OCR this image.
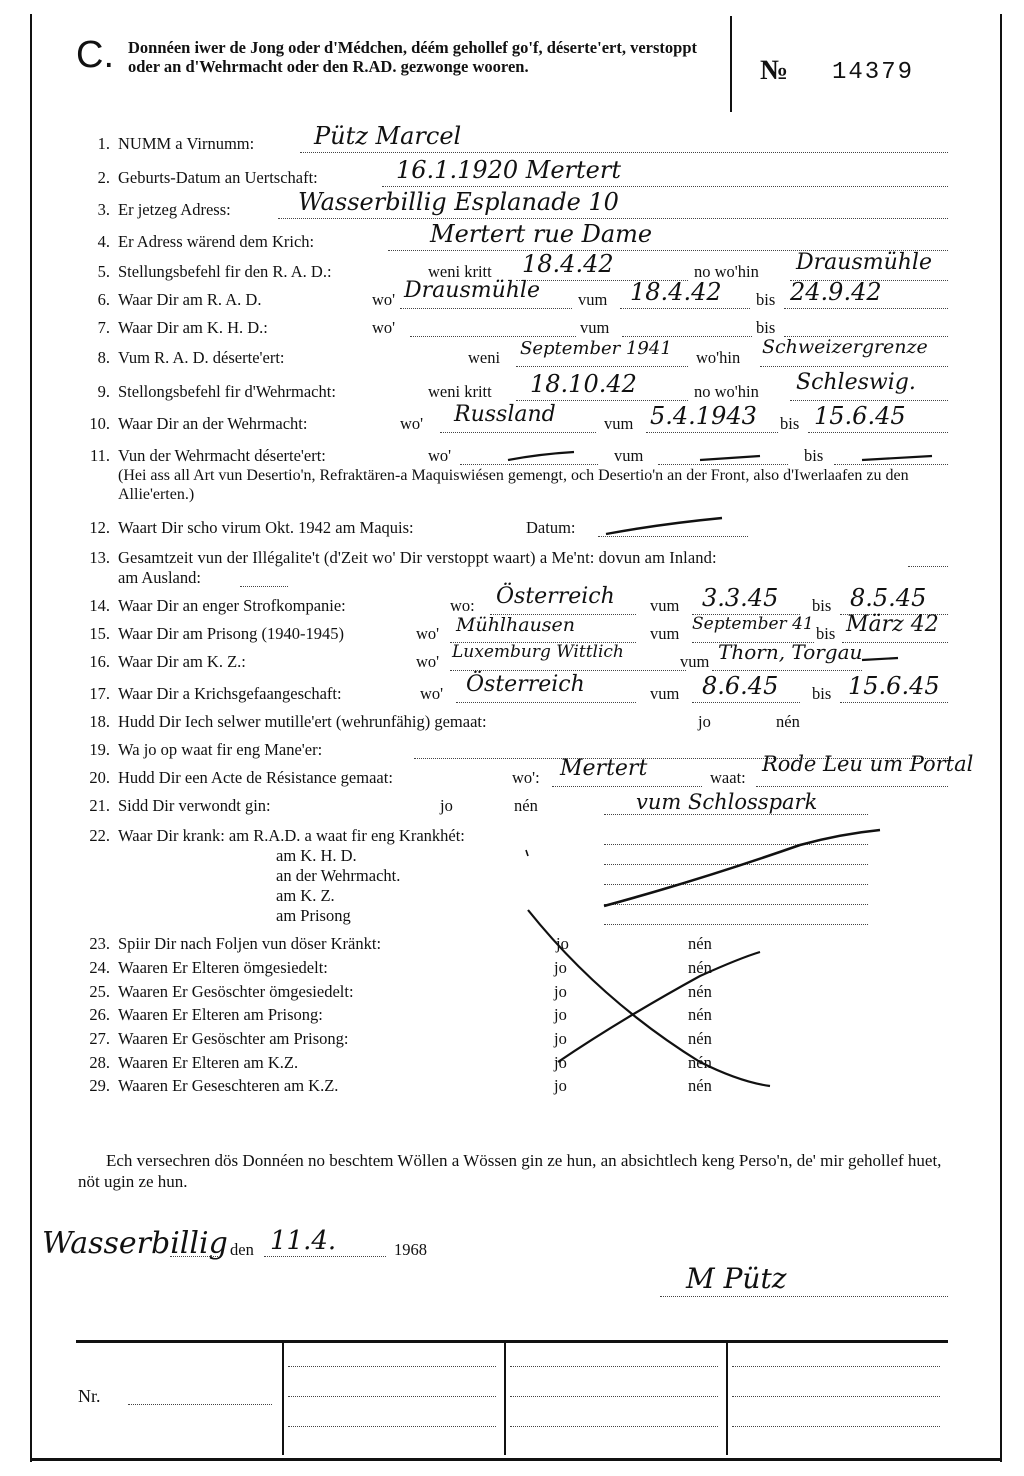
C. Donnéen iwer de Jong oder d'Médchen, déém gehollef go'f, déserte'ert, verstoppt oder an d'Wehrmacht oder den R.AD. gezwonge wooren.	№ 14379
1. NUMM a Virnumm: Pütz Marcel
2. Geburts-Datum an Uertschaft:	16.1.1920 Mertert
3. Er jetzeg Adress:	Wasserbillig Esplanade 10
4. Er Adress wärend dem Krich:	Mertert rue Dame
5. Stellungsbefehl fir den R. A. D.:	weni kritt 18.4.42	no wo'hin Drausmühle
6. Waar Dir am R. A. D.	wo' Drausmühle vum 18.4.42 bis 24.9.42
7. Waar Dir am K. H. D.:	wo'	vum	bis
8. Vum R. A. D. déserte'ert:	weni September 1941 wo'hin Schweizergrenze
9. Stellongsbefehl fir d'Wehrmacht:	weni kritt 18.10.42	no wo'hin Schleswig.
10. Waar Dir an der Wehrmacht:	wo' Russland	vum 5.4.1943 bis 15.6.45
11. Vun der Wehrmacht déserte'ert:	wo'	vum	bis
(Hei ass all Art vun Desertio'n, Refraktären-a Maquiswiésen gemengt, och Desertio'n an der Front, also d'Iwerlaafen zu den Allie'erten.)
12. Waart Dir scho virum Okt. 1942 am Maquis:	Datum:
13. Gesamtzeit vun der Illégalite't (d'Zeit wo' Dir verstoppt waart) a Me'nt: dovun am Inland:
am Ausland:
14. Waar Dir an enger Strofkompanie:	wo: Österreich vum 3.3.45 bis 8.5.45
15. Waar Dir am Prisong (1940-1945)	wo' Mühlhausen	vum September 41 bis März 42
16. Waar Dir am K. Z.:	wo' Luxemburg Wittlich	vum Thorn, Torgau
17. Waar Dir a Krichsgefaangeschaft:	wo' Österreich	vum 8.6.45 bis 15.6.45
18. Hudd Dir Iech selwer mutille'ert (wehrunfähig) gemaat:	jo	nén
19. Wa jo op waat fir eng Mane'er:
20. Hudd Dir een Acte de Résistance gemaat:	wo': Mertert	waat:
Rode Leu um Portal
21. Sidd Dir verwondt gin:	jo	nén	vum Schlosspark
22. Waar Dir krank: am R.A.D. a waat fir eng Krankhét:
am K. H. D.
an der Wehrmacht.
am K. Z.
am Prisong
23. Spiir Dir nach Foljen vun döser Kränkt:	jo	nén
24. Waaren Er Elteren ömgesiedelt:	jo	nén
25. Waaren Er Gesöschter ömgesiedelt:	jo	nén
26. Waaren Er Elteren am Prisong:	jo	nén
27. Waaren Er Gesöschter am Prisong:	jo	nén
28. Waaren Er Elteren am K.Z.	jo	nén
29. Waaren Er Geseschteren am K.Z.	jo	nén
Ech versechren dös Donnéen no beschtem Wöllen a Wössen gin ze hun, an absichtlech keng Perso'n, de' mir gehollef huet, nöt ugin ze hun.
Wasserbillig den 11.4.	1968
M Pütz
Nr.
